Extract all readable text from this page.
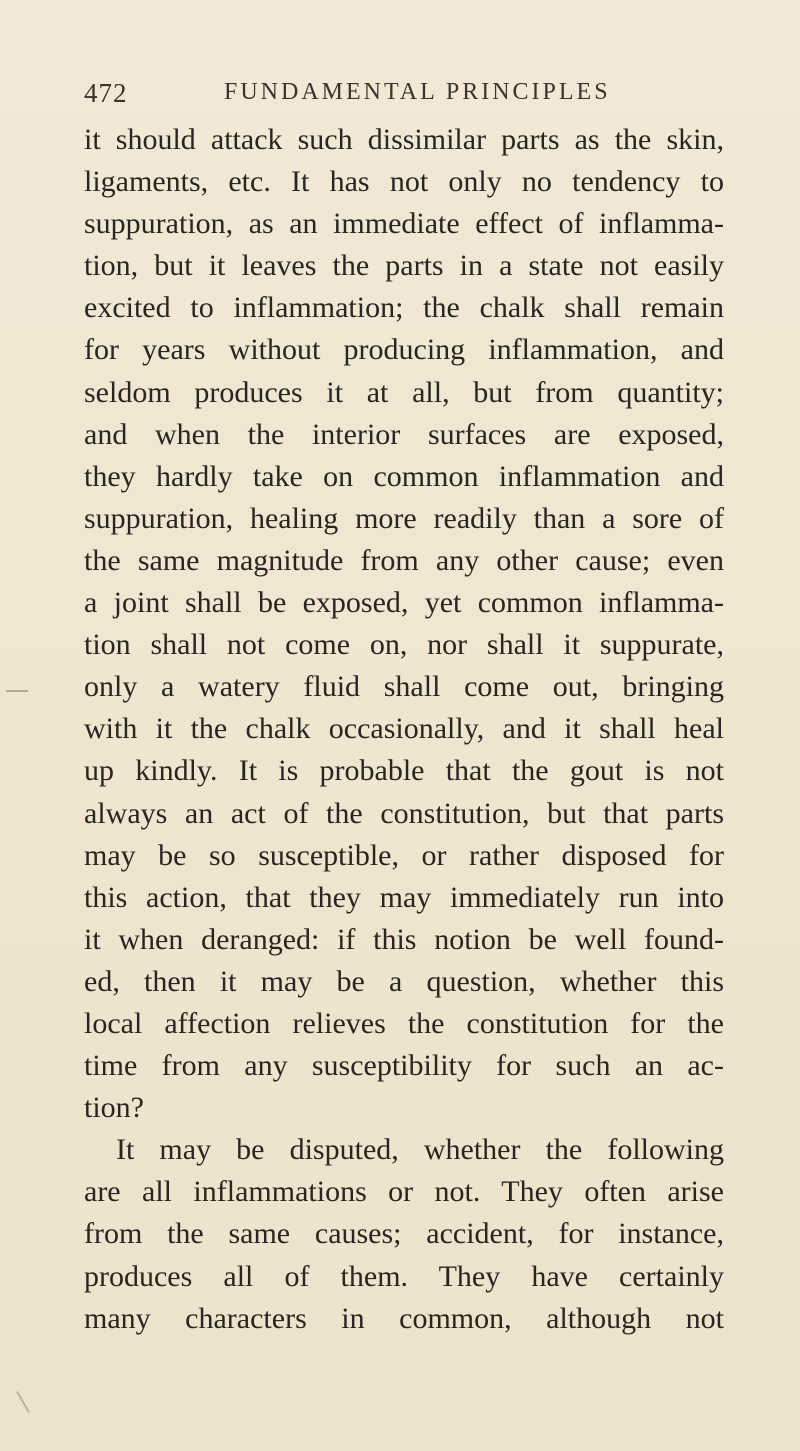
472	FUNDAMENTAL PRINCIPLES
it should attack such dissimilar parts as the skin,
ligaments, etc. It has not only no tendency to
suppuration, as an immediate effect of inflamma-
tion, but it leaves the parts in a state not easily
excited to inflammation; the chalk shall remain
for years without producing inflammation, and
seldom produces it at all, but from quantity;
and when the interior surfaces are exposed,
they hardly take on common inflammation and
suppuration, healing more readily than a sore of
the same magnitude from any other cause; even
a joint shall be exposed, yet common inflamma-
tion shall not come on, nor shall it suppurate,
only a watery fluid shall come out, bringing
with it the chalk occasionally, and it shall heal
up kindly. It is probable that the gout is not
always an act of the constitution, but that parts
may be so susceptible, or rather disposed for
this action, that they may immediately run into
it when deranged: if this notion be well found-
ed, then it may be a question, whether this
local affection relieves the constitution for the
time from any susceptibility for such an ac-
tion?
It may be disputed, whether the following
are all inflammations or not. They often arise
from the same causes; accident, for instance,
produces all of them. They have certainly
many characters in common, although not
